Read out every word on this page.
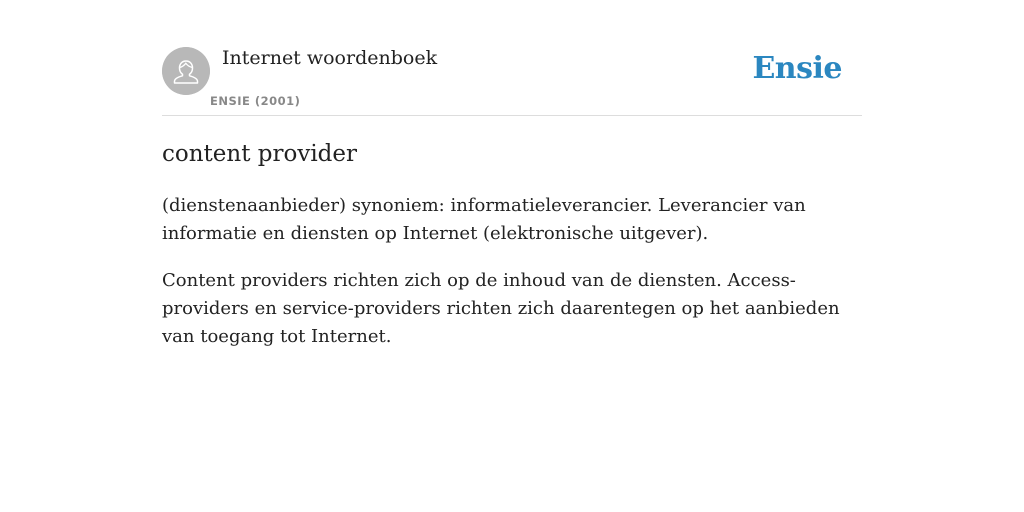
Internet woordenboek
ENSIE (2001)
Ensie
content provider

(dienstenaanbieder) synoniem: informatieleverancier. Leverancier van informatie en diensten op Internet (elektronische uitgever).

Content providers richten zich op de inhoud van de diensten. Access-providers en service-providers richten zich daarentegen op het aanbieden van toegang tot Internet.
